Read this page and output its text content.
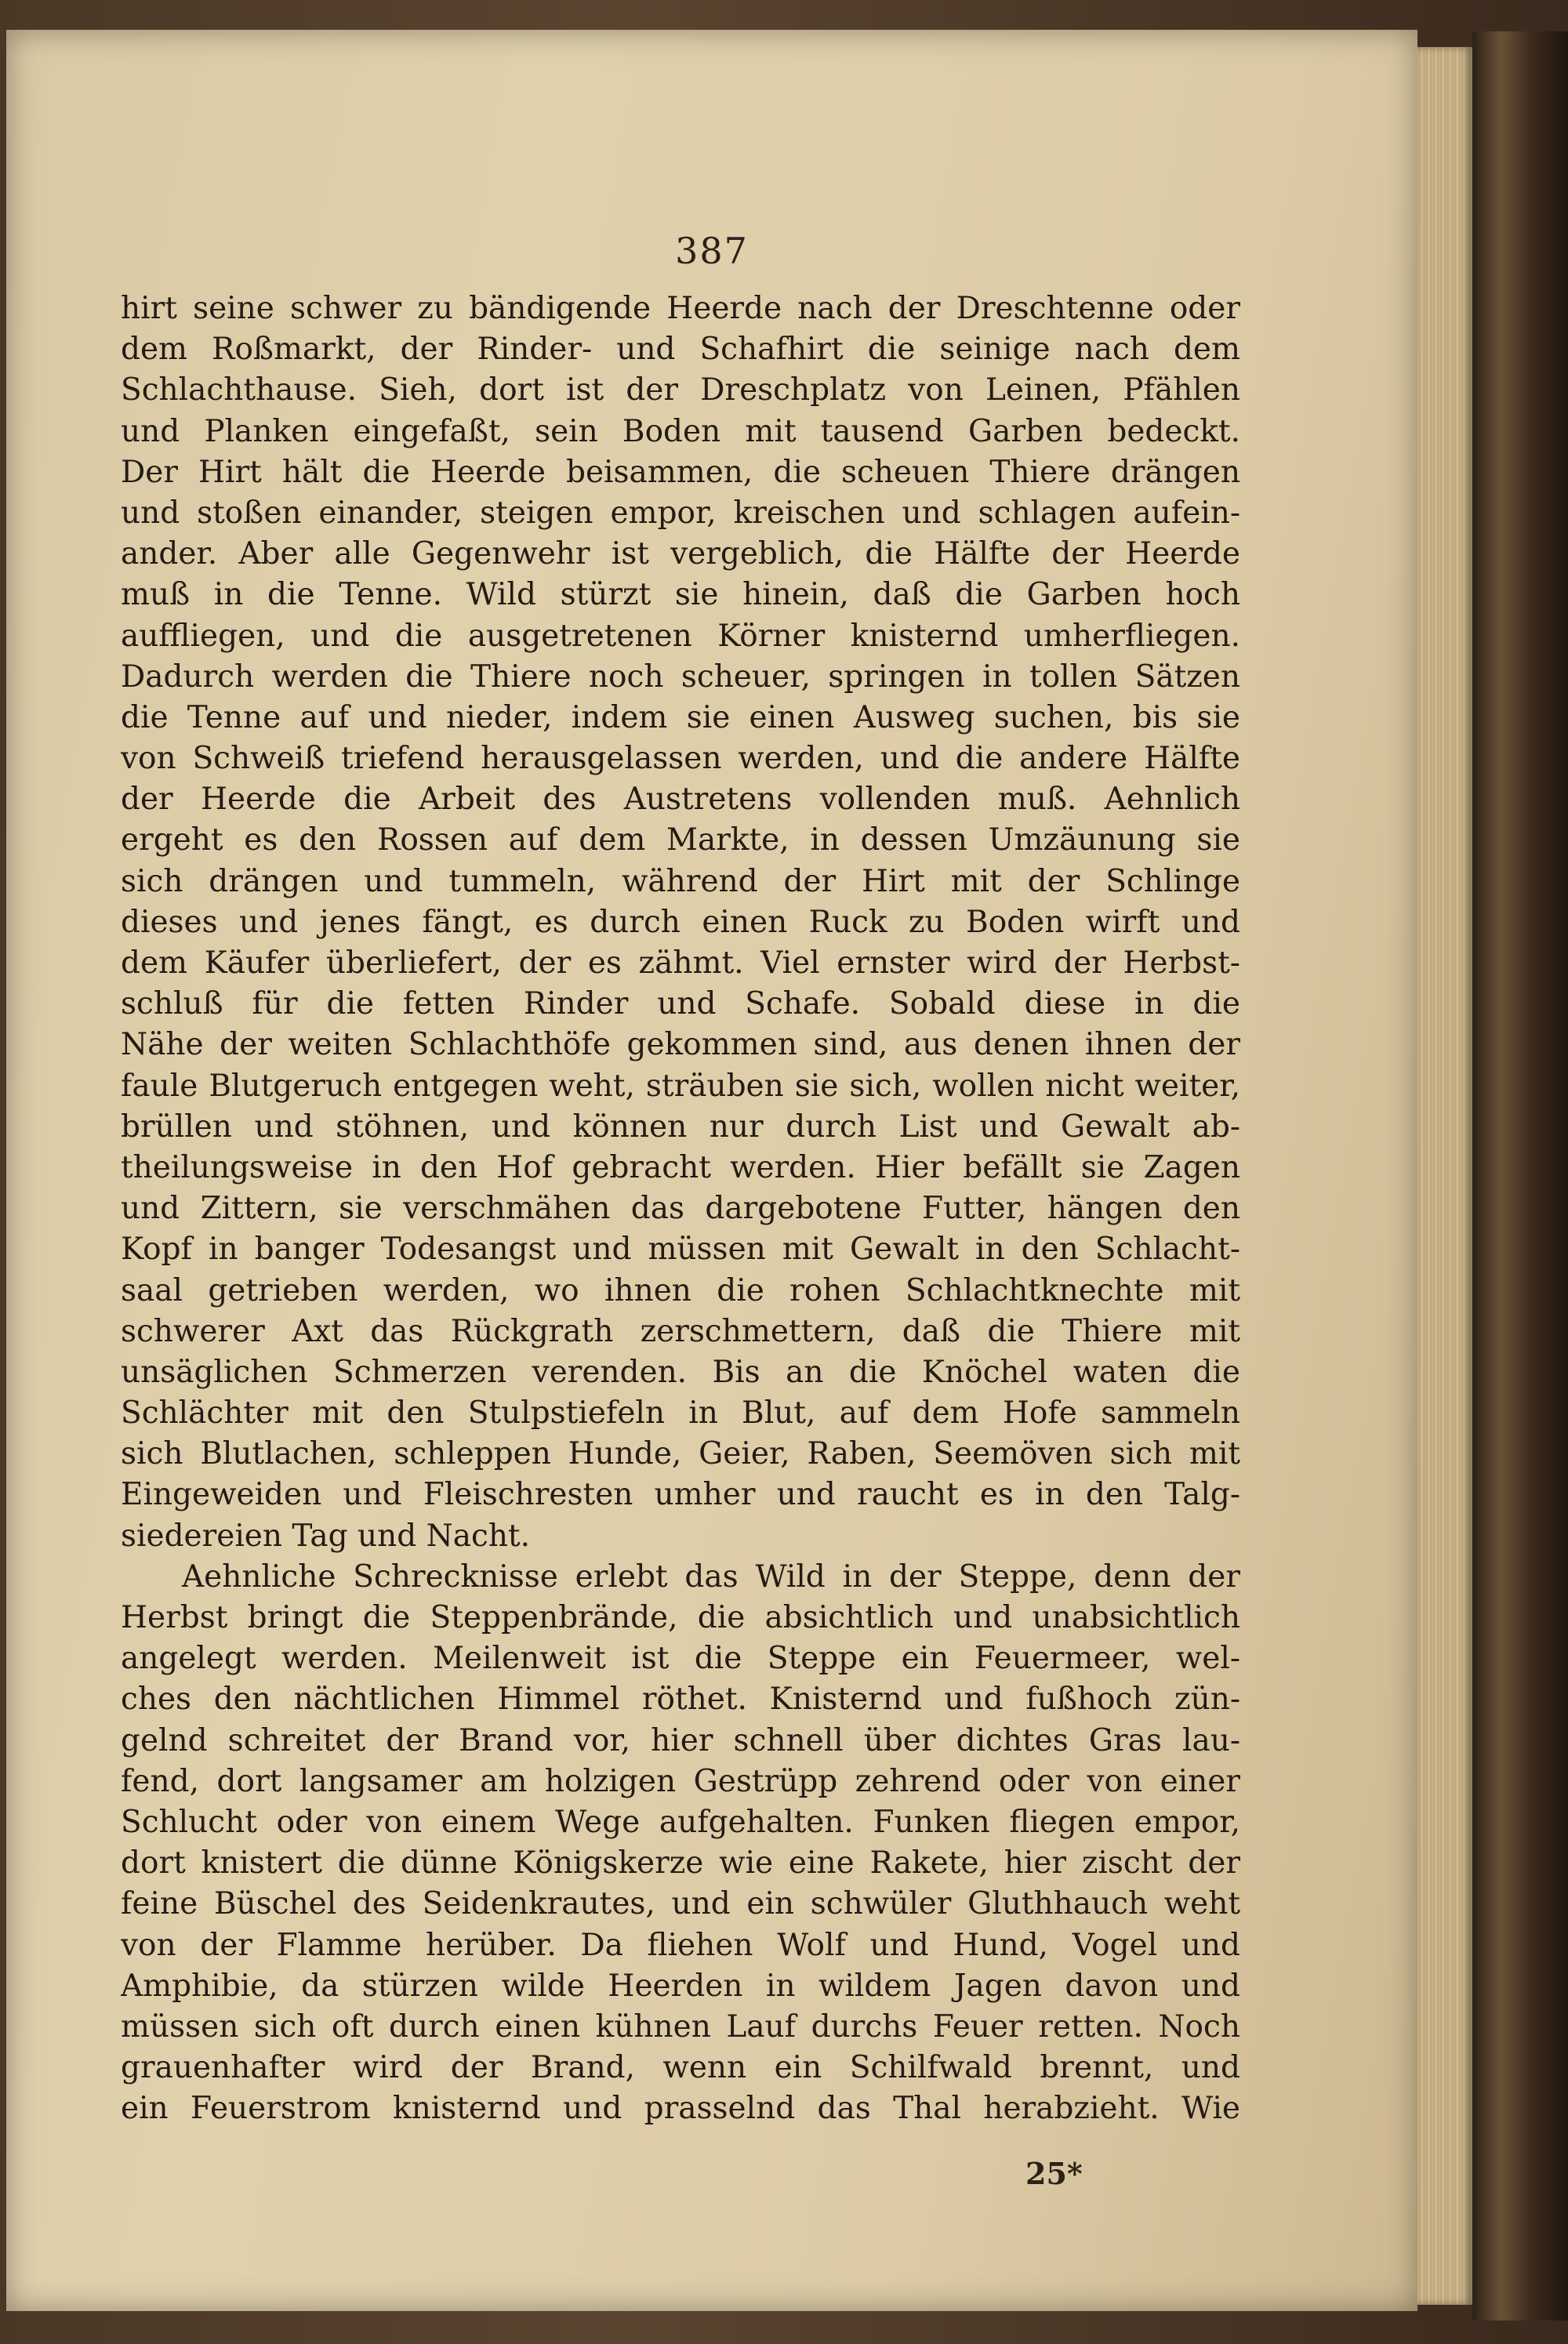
387
hirt seine schwer zu bändigende Heerde nach der Dreschtenne oder
dem Roßmarkt, der Rinder- und Schafhirt die seinige nach dem
Schlachthause. Sieh, dort ist der Dreschplatz von Leinen, Pfählen
und Planken eingefaßt, sein Boden mit tausend Garben bedeckt.
Der Hirt hält die Heerde beisammen, die scheuen Thiere drängen
und stoßen einander, steigen empor, kreischen und schlagen aufein-
ander. Aber alle Gegenwehr ist vergeblich, die Hälfte der Heerde
muß in die Tenne. Wild stürzt sie hinein, daß die Garben hoch
auffliegen, und die ausgetretenen Körner knisternd umherfliegen.
Dadurch werden die Thiere noch scheuer, springen in tollen Sätzen
die Tenne auf und nieder, indem sie einen Ausweg suchen, bis sie
von Schweiß triefend herausgelassen werden, und die andere Hälfte
der Heerde die Arbeit des Austretens vollenden muß. Aehnlich
ergeht es den Rossen auf dem Markte, in dessen Umzäunung sie
sich drängen und tummeln, während der Hirt mit der Schlinge
dieses und jenes fängt, es durch einen Ruck zu Boden wirft und
dem Käufer überliefert, der es zähmt. Viel ernster wird der Herbst-
schluß für die fetten Rinder und Schafe. Sobald diese in die
Nähe der weiten Schlachthöfe gekommen sind, aus denen ihnen der
faule Blutgeruch entgegen weht, sträuben sie sich, wollen nicht weiter,
brüllen und stöhnen, und können nur durch List und Gewalt ab-
theilungsweise in den Hof gebracht werden. Hier befällt sie Zagen
und Zittern, sie verschmähen das dargebotene Futter, hängen den
Kopf in banger Todesangst und müssen mit Gewalt in den Schlacht-
saal getrieben werden, wo ihnen die rohen Schlachtknechte mit
schwerer Axt das Rückgrath zerschmettern, daß die Thiere mit
unsäglichen Schmerzen verenden. Bis an die Knöchel waten die
Schlächter mit den Stulpstiefeln in Blut, auf dem Hofe sammeln
sich Blutlachen, schleppen Hunde, Geier, Raben, Seemöven sich mit
Eingeweiden und Fleischresten umher und raucht es in den Talg-
siedereien Tag und Nacht.
Aehnliche Schrecknisse erlebt das Wild in der Steppe, denn der
Herbst bringt die Steppenbrände, die absichtlich und unabsichtlich
angelegt werden. Meilenweit ist die Steppe ein Feuermeer, wel-
ches den nächtlichen Himmel röthet. Knisternd und fußhoch zün-
gelnd schreitet der Brand vor, hier schnell über dichtes Gras lau-
fend, dort langsamer am holzigen Gestrüpp zehrend oder von einer
Schlucht oder von einem Wege aufgehalten. Funken fliegen empor,
dort knistert die dünne Königskerze wie eine Rakete, hier zischt der
feine Büschel des Seidenkrautes, und ein schwüler Gluthhauch weht
von der Flamme herüber. Da fliehen Wolf und Hund, Vogel und
Amphibie, da stürzen wilde Heerden in wildem Jagen davon und
müssen sich oft durch einen kühnen Lauf durchs Feuer retten. Noch
grauenhafter wird der Brand, wenn ein Schilfwald brennt, und
ein Feuerstrom knisternd und prasselnd das Thal herabzieht. Wie
25*
